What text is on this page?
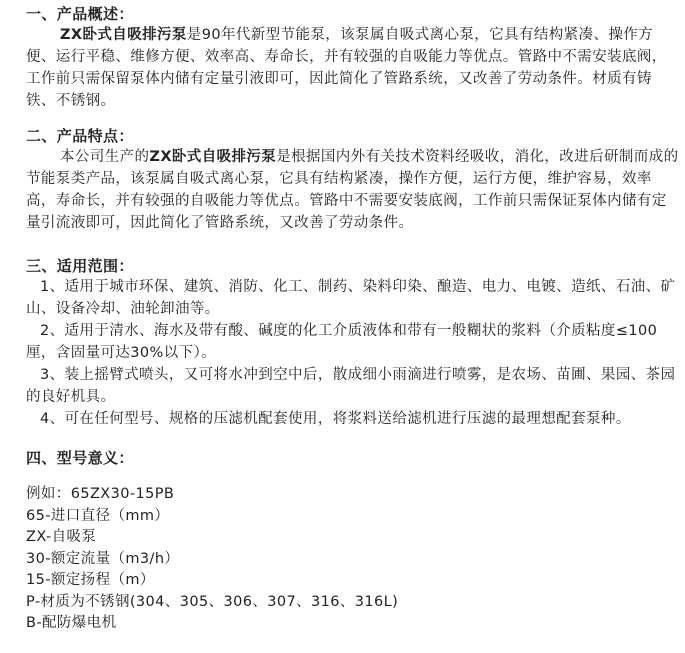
一、产品概述：

ZX卧式自吸排污泵是90年代新型节能泵，该泵属自吸式离心泵，它具有结构紧凑、操作方便、运行平稳、维修方便、效率高、寿命长，并有较强的自吸能力等优点。管路中不需安装底阀，工作前只需保留泵体内储有定量引液即可，因此简化了管路系统，又改善了劳动条件。材质有铸铁、不锈钢。

二、产品特点：

本公司生产的ZX卧式自吸排污泵是根据国内外有关技术资料经吸收，消化，改进后研制而成的节能泵类产品，该泵属自吸式离心泵，它具有结构紧凑，操作方便，运行方便，维护容易，效率高，寿命长，并有较强的自吸能力等优点。管路中不需要安装底阀，工作前只需保证泵体内储有定量引流液即可，因此简化了管路系统，又改善了劳动条件。

三、适用范围：

1、适用于城市环保、建筑、消防、化工、制药、染料印染、酿造、电力、电镀、造纸、石油、矿山、设备冷却、油轮卸油等。

2、适用于清水、海水及带有酸、碱度的化工介质液体和带有一般糊状的浆料（介质粘度≤100厘，含固量可达30%以下）。

3、装上摇臂式喷头，又可将水冲到空中后，散成细小雨滴进行喷雾，是农场、苗圃、果园、茶园的良好机具。

4、可在任何型号、规格的压滤机配套使用，将浆料送给滤机进行压滤的最理想配套泵种。

四、型号意义：

例如：65ZX30-15PB

65-进口直径（mm）

ZX-自吸泵

30-额定流量（m3/h）

15-额定扬程（m）

P-材质为不锈钢(304、305、306、307、316、316L)

B-配防爆电机
